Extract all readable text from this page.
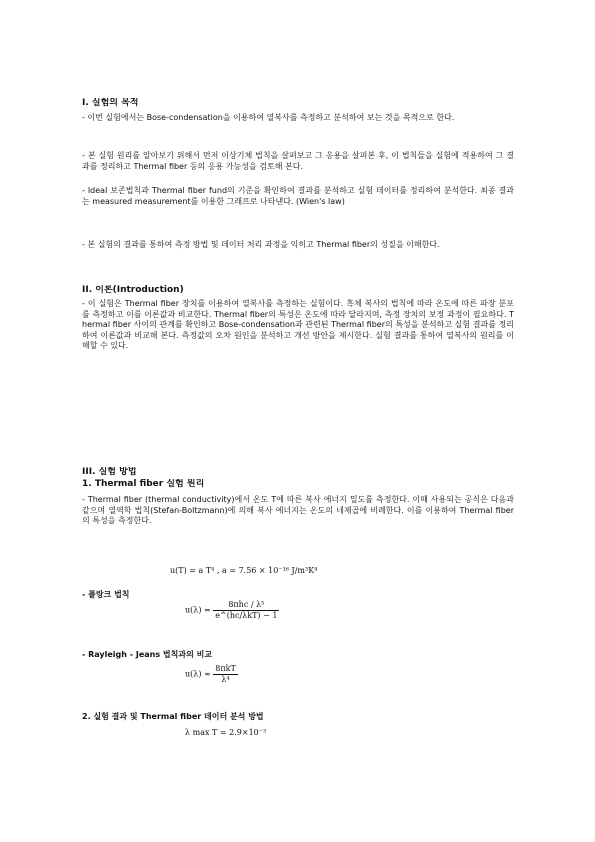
I. 실험의 목적
- 이번 실험에서는 Bose-condensation을 이용하여 열복사를 측정하고 분석하여 보는 것을 목적으로 한다.
- 본 실험 원리를 알아보기 위해서 먼저 이상기체 법칙을 살펴보고 그 응용을 살펴본 후, 이 법칙들을 실험에 적용하여 그 결과를 정리하고 Thermal fiber 등의 응용 가능성을 검토해 본다.
- Ideal 보존법칙과 Thermal fiber fund의 기준을 확인하여 결과를 분석하고 실험 데이터를 정리하여 분석한다. 최종 결과는 measured measurement를 이용한 그래프로 나타낸다. (Wien's law)
- 본 실험의 결과를 통하여 측정 방법 및 데이터 처리 과정을 익히고 Thermal fiber의 성질을 이해한다.
II. 이론(Introduction)
- 이 실험은 Thermal fiber 장치를 이용하여 열복사를 측정하는 실험이다. 흑체 복사의 법칙에 따라 온도에 따른 파장 분포를 측정하고 이를 이론값과 비교한다. Thermal fiber의 특성은 온도에 따라 달라지며, 측정 장치의 보정 과정이 필요하다. Thermal fiber 사이의 관계를 확인하고 Bose-condensation과 관련된 Thermal fiber의 특성을 분석하고 실험 결과를 정리하여 이론값과 비교해 본다. 측정값의 오차 원인을 분석하고 개선 방안을 제시한다. 실험 결과를 통하여 열복사의 원리를 이해할 수 있다.
III. 실험 방법
1. Thermal fiber 실험 원리
- Thermal fiber (thermal conductivity)에서 온도 T에 따른 복사 에너지 밀도를 측정한다. 이때 사용되는 공식은 다음과 같으며 열역학 법칙(Stefan-Boltzmann)에 의해 복사 에너지는 온도의 네제곱에 비례한다. 이를 이용하여 Thermal fiber의 특성을 측정한다.
u(T) = a T⁴ , a = 7.56 × 10⁻¹⁶ J/m³K⁴
- 플랑크 법칙
$u(\lambda) = \frac{\text{8πhc / λ⁵}}{\text{e\textasciicircum{}(hc/λkT) − 1}}$
- Rayleigh - Jeans 법칙과의 비교
$u(\lambda) \approx \frac{\text{8πkT}}{\text{λ⁴}}$
2. 실험 결과 및 Thermal fiber 데이터 분석 방법
λ max T = 2.9×10⁻³
